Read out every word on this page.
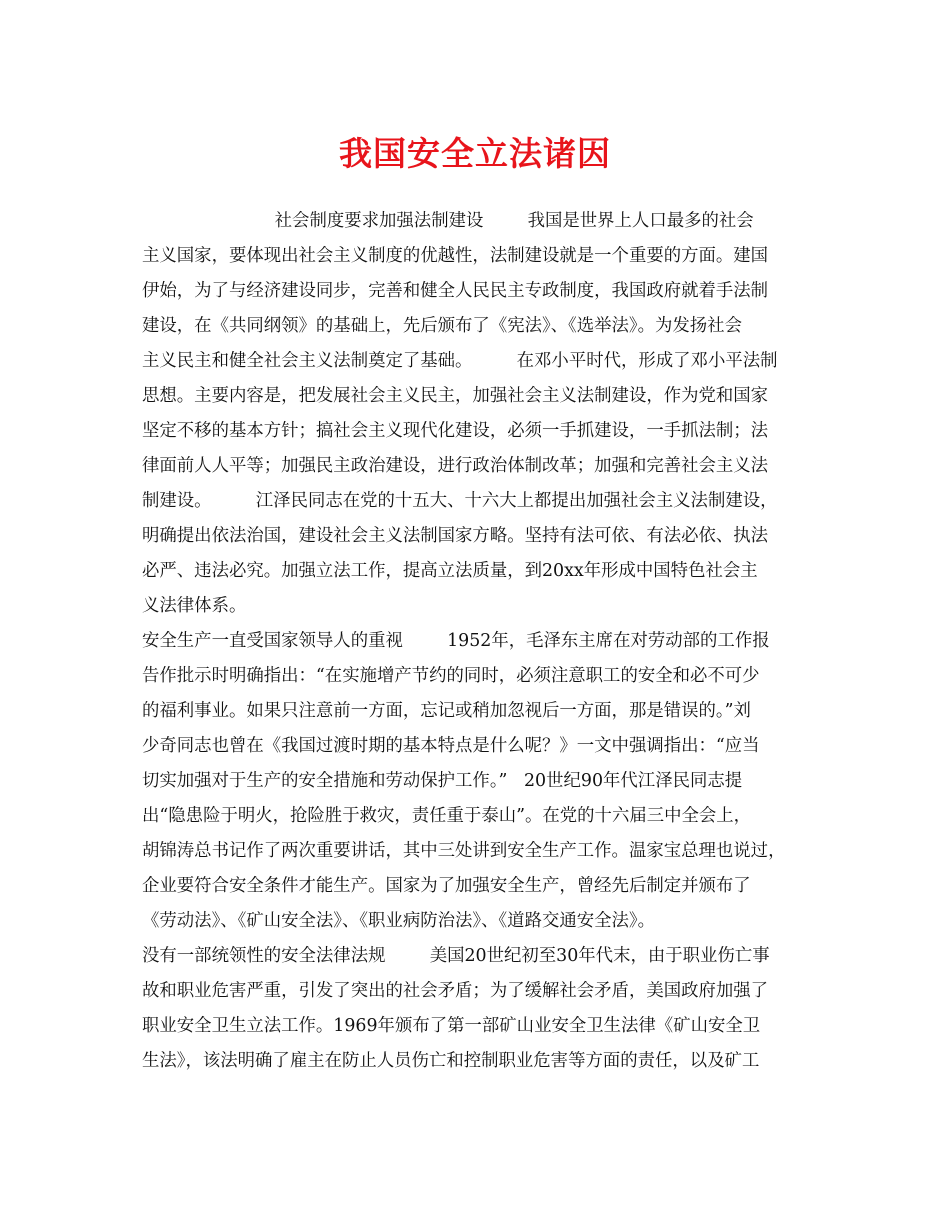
我国安全立法诸因
社会制度要求加强法制建设        我国是世界上人口最多的社会
主义国家，要体现出社会主义制度的优越性，法制建设就是一个重要的方面。建国
伊始，为了与经济建设同步，完善和健全人民民主专政制度，我国政府就着手法制
建设，在《共同纲领》的基础上，先后颁布了《宪法》、《选举法》。为发扬社会
主义民主和健全社会主义法制奠定了基础。        在邓小平时代，形成了邓小平法制
思想。主要内容是，把发展社会主义民主，加强社会主义法制建设，作为党和国家
坚定不移的基本方针；搞社会主义现代化建设，必须一手抓建设，一手抓法制；法
律面前人人平等；加强民主政治建设，进行政治体制改革；加强和完善社会主义法
制建设。        江泽民同志在党的十五大、十六大上都提出加强社会主义法制建设，
明确提出依法治国，建设社会主义法制国家方略。坚持有法可依、有法必依、执法
必严、违法必究。加强立法工作，提高立法质量，到20xx年形成中国特色社会主
义法律体系。
安全生产一直受国家领导人的重视        1952年，毛泽东主席在对劳动部的工作报
告作批示时明确指出：“在实施增产节约的同时，必须注意职工的安全和必不可少
的福利事业。如果只注意前一方面，忘记或稍加忽视后一方面，那是错误的。”刘
少奇同志也曾在《我国过渡时期的基本特点是什么呢？》一文中强调指出：“应当
切实加强对于生产的安全措施和劳动保护工作。”   20世纪90年代江泽民同志提
出“隐患险于明火，抢险胜于救灾，责任重于泰山”。在党的十六届三中全会上，
胡锦涛总书记作了两次重要讲话，其中三处讲到安全生产工作。温家宝总理也说过，
企业要符合安全条件才能生产。国家为了加强安全生产，曾经先后制定并颁布了
《劳动法》、《矿山安全法》、《职业病防治法》、《道路交通安全法》。
没有一部统领性的安全法律法规        美国20世纪初至30年代末，由于职业伤亡事
故和职业危害严重，引发了突出的社会矛盾；为了缓解社会矛盾，美国政府加强了
职业安全卫生立法工作。1969年颁布了第一部矿山业安全卫生法律《矿山安全卫
生法》，该法明确了雇主在防止人员伤亡和控制职业危害等方面的责任，以及矿工
